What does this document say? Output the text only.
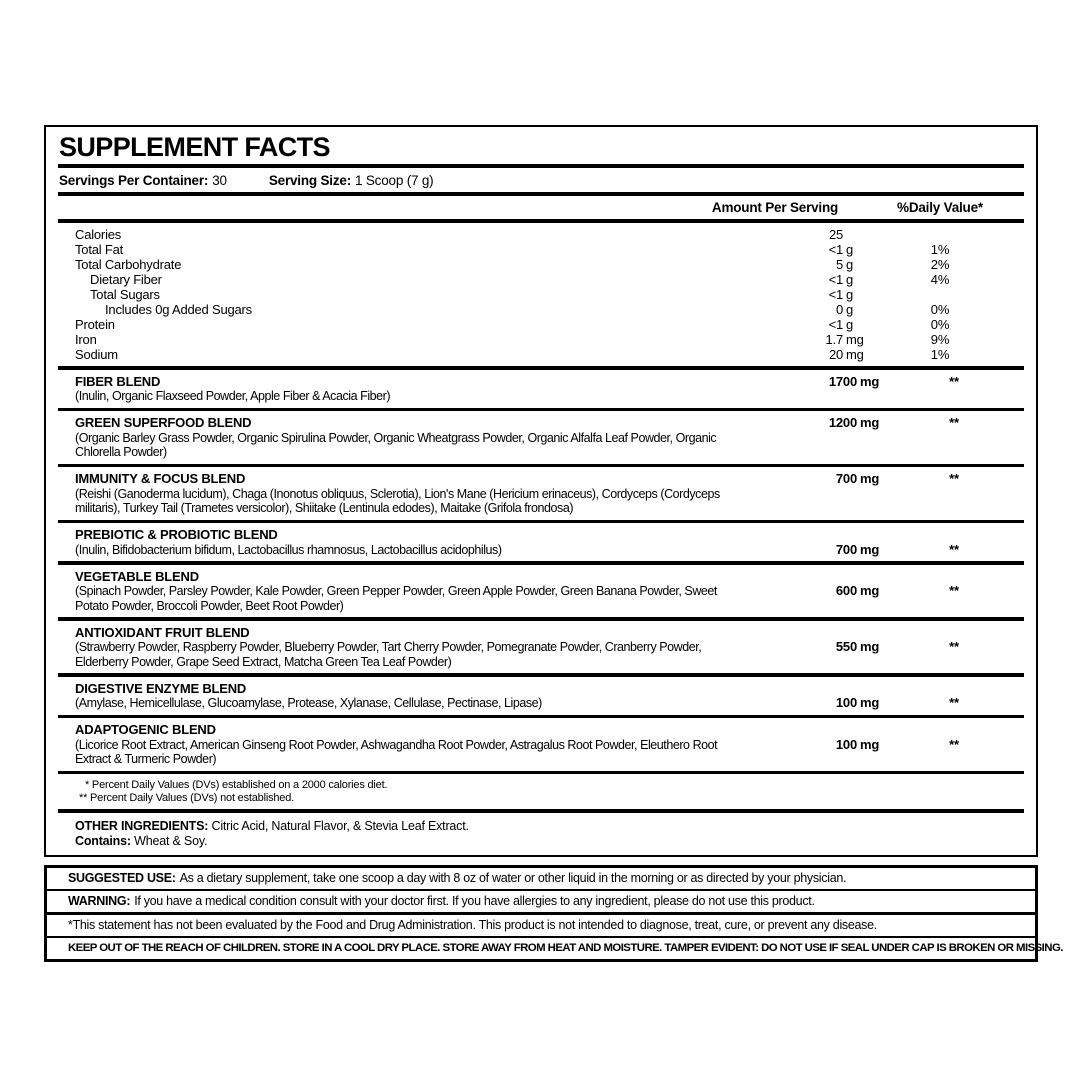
SUPPLEMENT FACTS
Servings Per Container: 30	Serving Size: 1 Scoop (7 g)
Amount Per Serving	%Daily Value*
Calories	25
Total Fat	<1 g	1%
Total Carbohydrate	5 g	2%
Dietary Fiber	<1 g	4%
Total Sugars	<1 g
Includes 0g Added Sugars	0 g	0%
Protein	<1 g	0%
Iron	1.7 mg	9%
Sodium	20 mg	1%
FIBER BLEND
(Inulin, Organic Flaxseed Powder, Apple Fiber & Acacia Fiber)
1700 mg	**
GREEN SUPERFOOD BLEND
(Organic Barley Grass Powder, Organic Spirulina Powder, Organic Wheatgrass Powder, Organic Alfalfa Leaf Powder, Organic Chlorella Powder)
1200 mg	**
IMMUNITY & FOCUS BLEND
(Reishi (Ganoderma lucidum), Chaga (Inonotus obliquus, Sclerotia), Lion's Mane (Hericium erinaceus), Cordyceps (Cordyceps militaris), Turkey Tail (Trametes versicolor), Shiitake (Lentinula edodes), Maitake (Grifola frondosa)
700 mg	**
PREBIOTIC & PROBIOTIC BLEND
(Inulin, Bifidobacterium bifidum, Lactobacillus rhamnosus, Lactobacillus acidophilus)	700 mg	**
VEGETABLE BLEND
(Spinach Powder, Parsley Powder, Kale Powder, Green Pepper Powder, Green Apple Powder, Green Banana Powder, Sweet Potato Powder, Broccoli Powder, Beet Root Powder)
600 mg	**
ANTIOXIDANT FRUIT BLEND
(Strawberry Powder, Raspberry Powder, Blueberry Powder, Tart Cherry Powder, Pomegranate Powder, Cranberry Powder, Elderberry Powder, Grape Seed Extract, Matcha Green Tea Leaf Powder)
550 mg	**
DIGESTIVE ENZYME BLEND
(Amylase, Hemicellulase, Glucoamylase, Protease, Xylanase, Cellulase, Pectinase, Lipase)	100 mg	**
ADAPTOGENIC BLEND
(Licorice Root Extract, American Ginseng Root Powder, Ashwagandha Root Powder, Astragalus Root Powder, Eleuthero Root Extract & Turmeric Powder)
100 mg	**
* Percent Daily Values (DVs) established on a 2000 calories diet.
** Percent Daily Values (DVs) not established.
OTHER INGREDIENTS: Citric Acid, Natural Flavor, & Stevia Leaf Extract.
Contains: Wheat & Soy.
SUGGESTED USE: As a dietary supplement, take one scoop a day with 8 oz of water or other liquid in the morning or as directed by your physician.
WARNING: If you have a medical condition consult with your doctor first. If you have allergies to any ingredient, please do not use this product.
*This statement has not been evaluated by the Food and Drug Administration. This product is not intended to diagnose, treat, cure, or prevent any disease.
KEEP OUT OF THE REACH OF CHILDREN. STORE IN A COOL DRY PLACE. STORE AWAY FROM HEAT AND MOISTURE. TAMPER EVIDENT: DO NOT USE IF SEAL UNDER CAP IS BROKEN OR MISSING.
